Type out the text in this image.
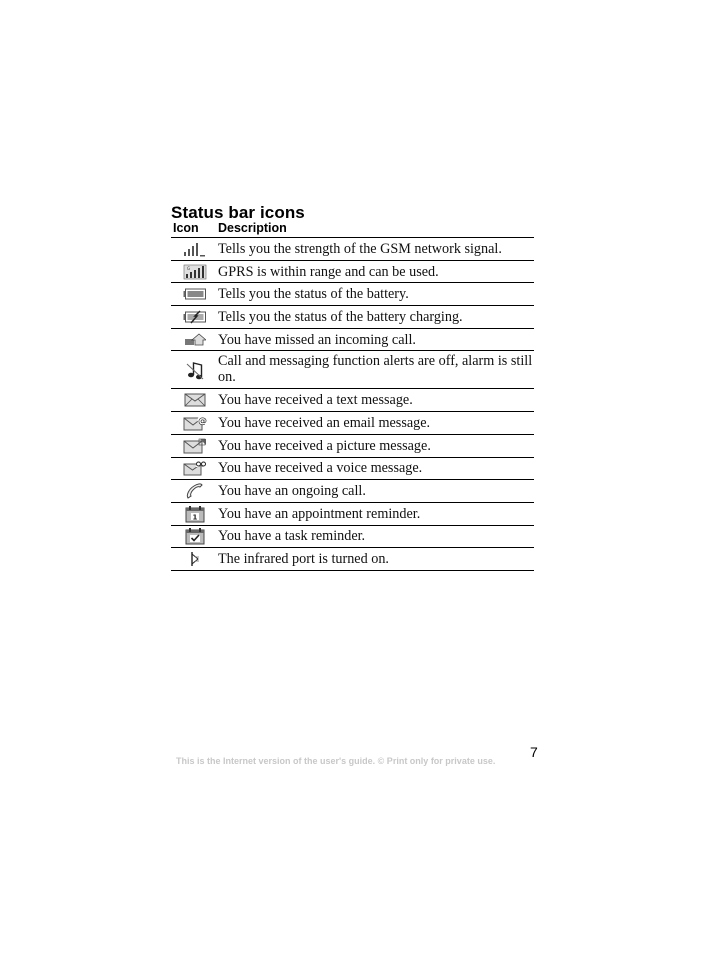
Status bar icons
Icon	Description
Tells you the strength of the GSM network signal.
G GPRS is within range and can be used.
Tells you the status of the battery.
Tells you the status of the battery charging.
You have missed an incoming call.
Call and messaging function alerts are off, alarm is still on.
You have received a text message.
@ You have received an email message.
You have received a picture message.
You have received a voice message.
You have an ongoing call.
1 You have an appointment reminder.
You have a task reminder.
The infrared port is turned on.
7
This is the Internet version of the user's guide. © Print only for private use.
